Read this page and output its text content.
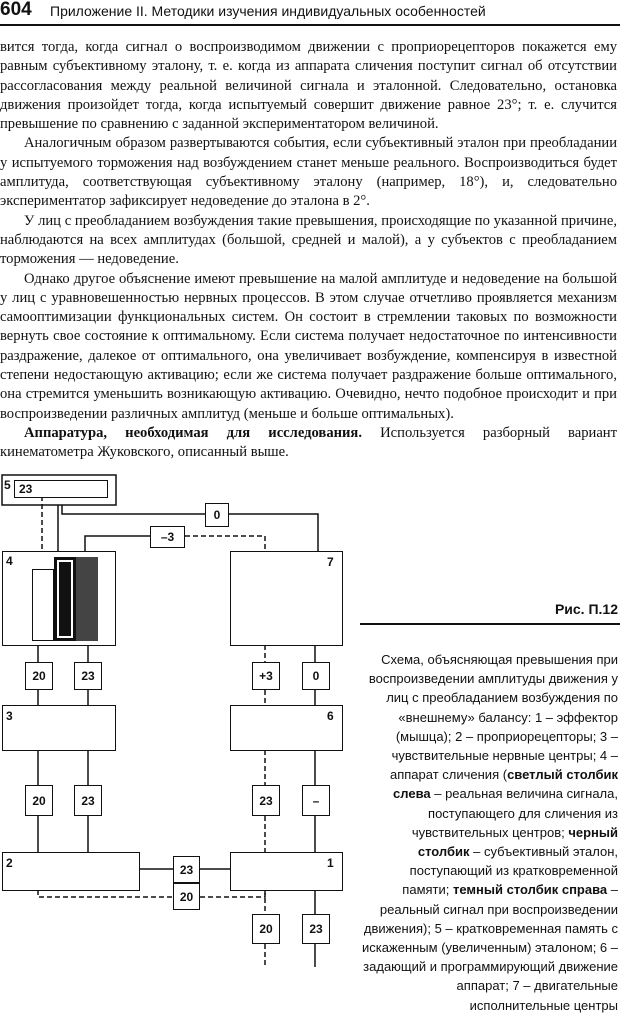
604 Приложение II. Методики изучения индивидуальных особенностей

вится тогда, когда сигнал о воспроизводимом движении с проприорецепторов покажется ему равным субъективному эталону, т. е. когда из аппарата сличения поступит сигнал об отсутствии рассогласования между реальной величиной сигнала и эталонной. Следовательно, остановка движения произойдет тогда, когда испытуемый совершит движение равное 23°; т. е. случится превышение по сравнению с заданной экспериментатором величиной.

Аналогичным образом развертываются события, если субъективный эталон при преобладании у испытуемого торможения над возбуждением станет меньше реального. Воспроизводиться будет амплитуда, соответствующая субъективному эталону (например, 18°), и, следовательно экспериментатор зафиксирует недоведение до эталона в 2°.

У лиц с преобладанием возбуждения такие превышения, происходящие по указанной причине, наблюдаются на всех амплитудах (большой, средней и малой), а у субъектов с преобладанием торможения — недоведение.

Однако другое объяснение имеют превышение на малой амплитуде и недоведение на большой у лиц с уравновешенностью нервных процессов. В этом случае отчетливо проявляется механизм самооптимизации функциональных систем. Он состоит в стремлении таковых по возможности вернуть свое состояние к оптимальному. Если система получает недостаточное по интенсивности раздражение, далекое от оптимального, она увеличивает возбуждение, компенсируя в известной степени недостающую активацию; если же система получает раздражение больше оптимального, она стремится уменьшить возникающую активацию. Очевидно, нечто подобное происходит и при воспроизведении различных амплитуд (меньше и больше оптимальных).

Аппаратура, необходимая для исследования. Используется разборный вариант кинематометра Жуковского, описанный выше.

5 23
0
–3
4	7
20	23	+3	0
3	6
20	23	23	–
2	1
23
20
20	23
Рис. П.12
Схема, объясняющая превышения при воспроизведении амплитуды движения у лиц с преобладанием возбуждения по «внешнему» балансу: 1 – эффектор (мышца); 2 – проприорецепторы; 3 – чувствительные нервные центры; 4 – аппарат сличения (светлый столбик слева – реальная величина сигнала, поступающего для сличения из чувствительных центров; черный столбик – субъективный эталон, поступающий из кратковременной памяти; темный столбик справа – реальный сигнал при воспроизведении движения); 5 – кратковременная память с искаженным (увеличенным) эталоном; 6 – задающий и программирующий движение аппарат; 7 – двигательные исполнительные центры
